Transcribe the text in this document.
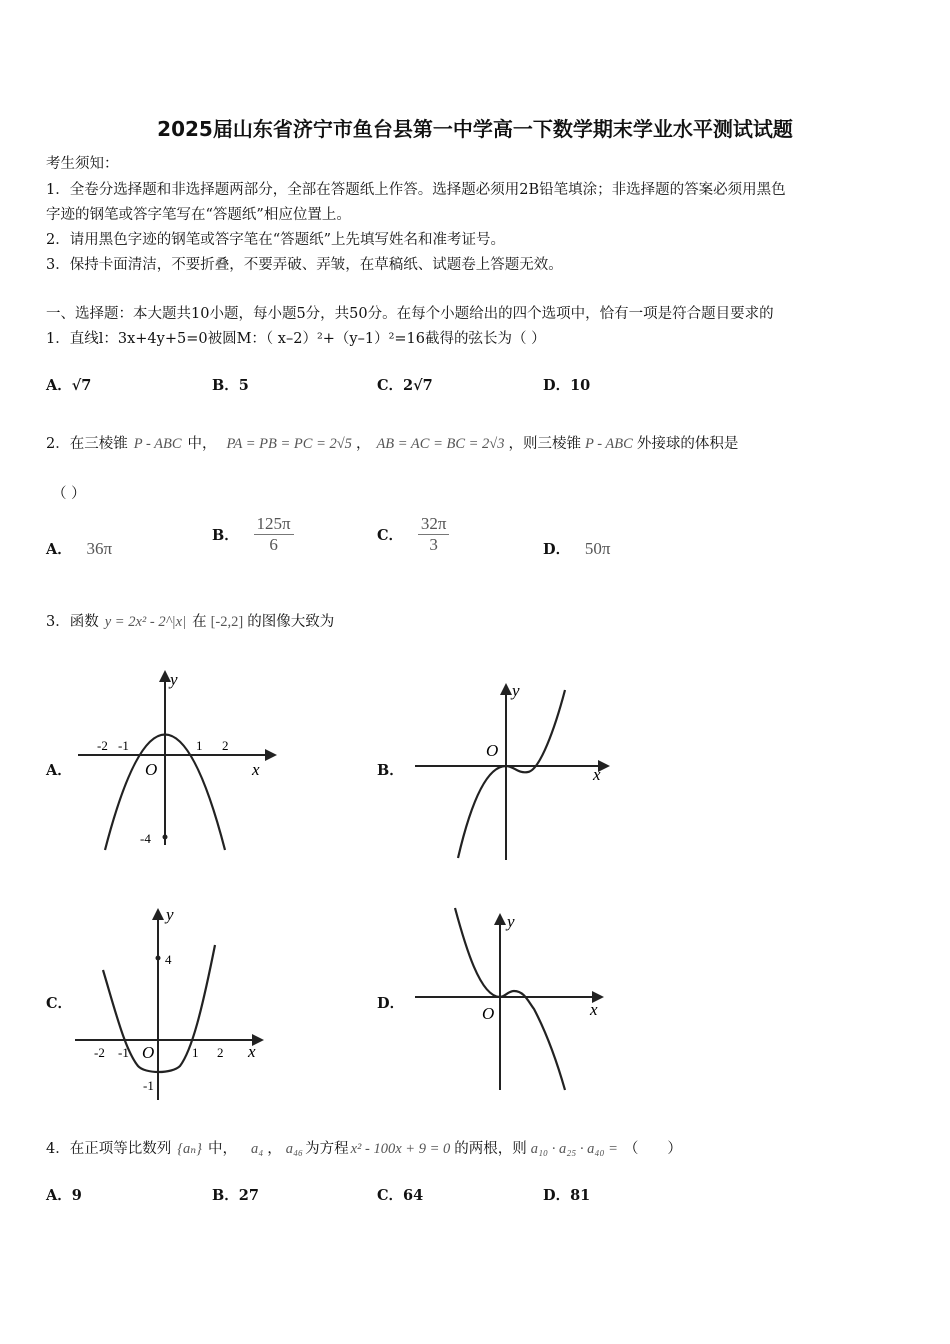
2025届山东省济宁市鱼台县第一中学高一下数学期末学业水平测试试题
考生须知：
1．全卷分选择题和非选择题两部分，全部在答题纸上作答。选择题必须用2B铅笔填涂；非选择题的答案必须用黑色
字迹的钢笔或答字笔写在“答题纸”相应位置上。
2．请用黑色字迹的钢笔或答字笔在“答题纸”上先填写姓名和准考证号。
3．保持卡面清洁，不要折叠，不要弄破、弄皱，在草稿纸、试题卷上答题无效。
一、选择题：本大题共10小题，每小题5分，共50分。在每个小题给出的四个选项中，恰有一项是符合题目要求的
1．直线l：3x+4y+5=0被圆M：（ x–2）²+（y–1）²=16截得的弦长为（ ）
A．√7	B．5	C．2√7	D．10
2．在三棱锥 P - ABC 中， PA = PB = PC = 2√5 ， AB = AC = BC = 2√3 ，则三棱锥 P - ABC 外接球的体积是
（ ）
A． 36π
B． $\frac{125\pi}{6}$	C． $\frac{32\pi}{3}$	D． 50π
3．函数 y = 2x² - 2^|x| 在 [-2,2] 的图像大致为
A．	B．
C．	D．
y
x
O
-2 -1	1 2
-4
y
x
O
y
x
O
4
-2 -1	1 2
-1
y
x
O
4．在正项等比数列 {aₙ} 中， a₄ ， a₄₆ 为方程 x² - 100x + 9 = 0 的两根，则 a₁₀ · a₂₅ · a₄₀ = （　　）
A．9	B．27	C．64	D．81
